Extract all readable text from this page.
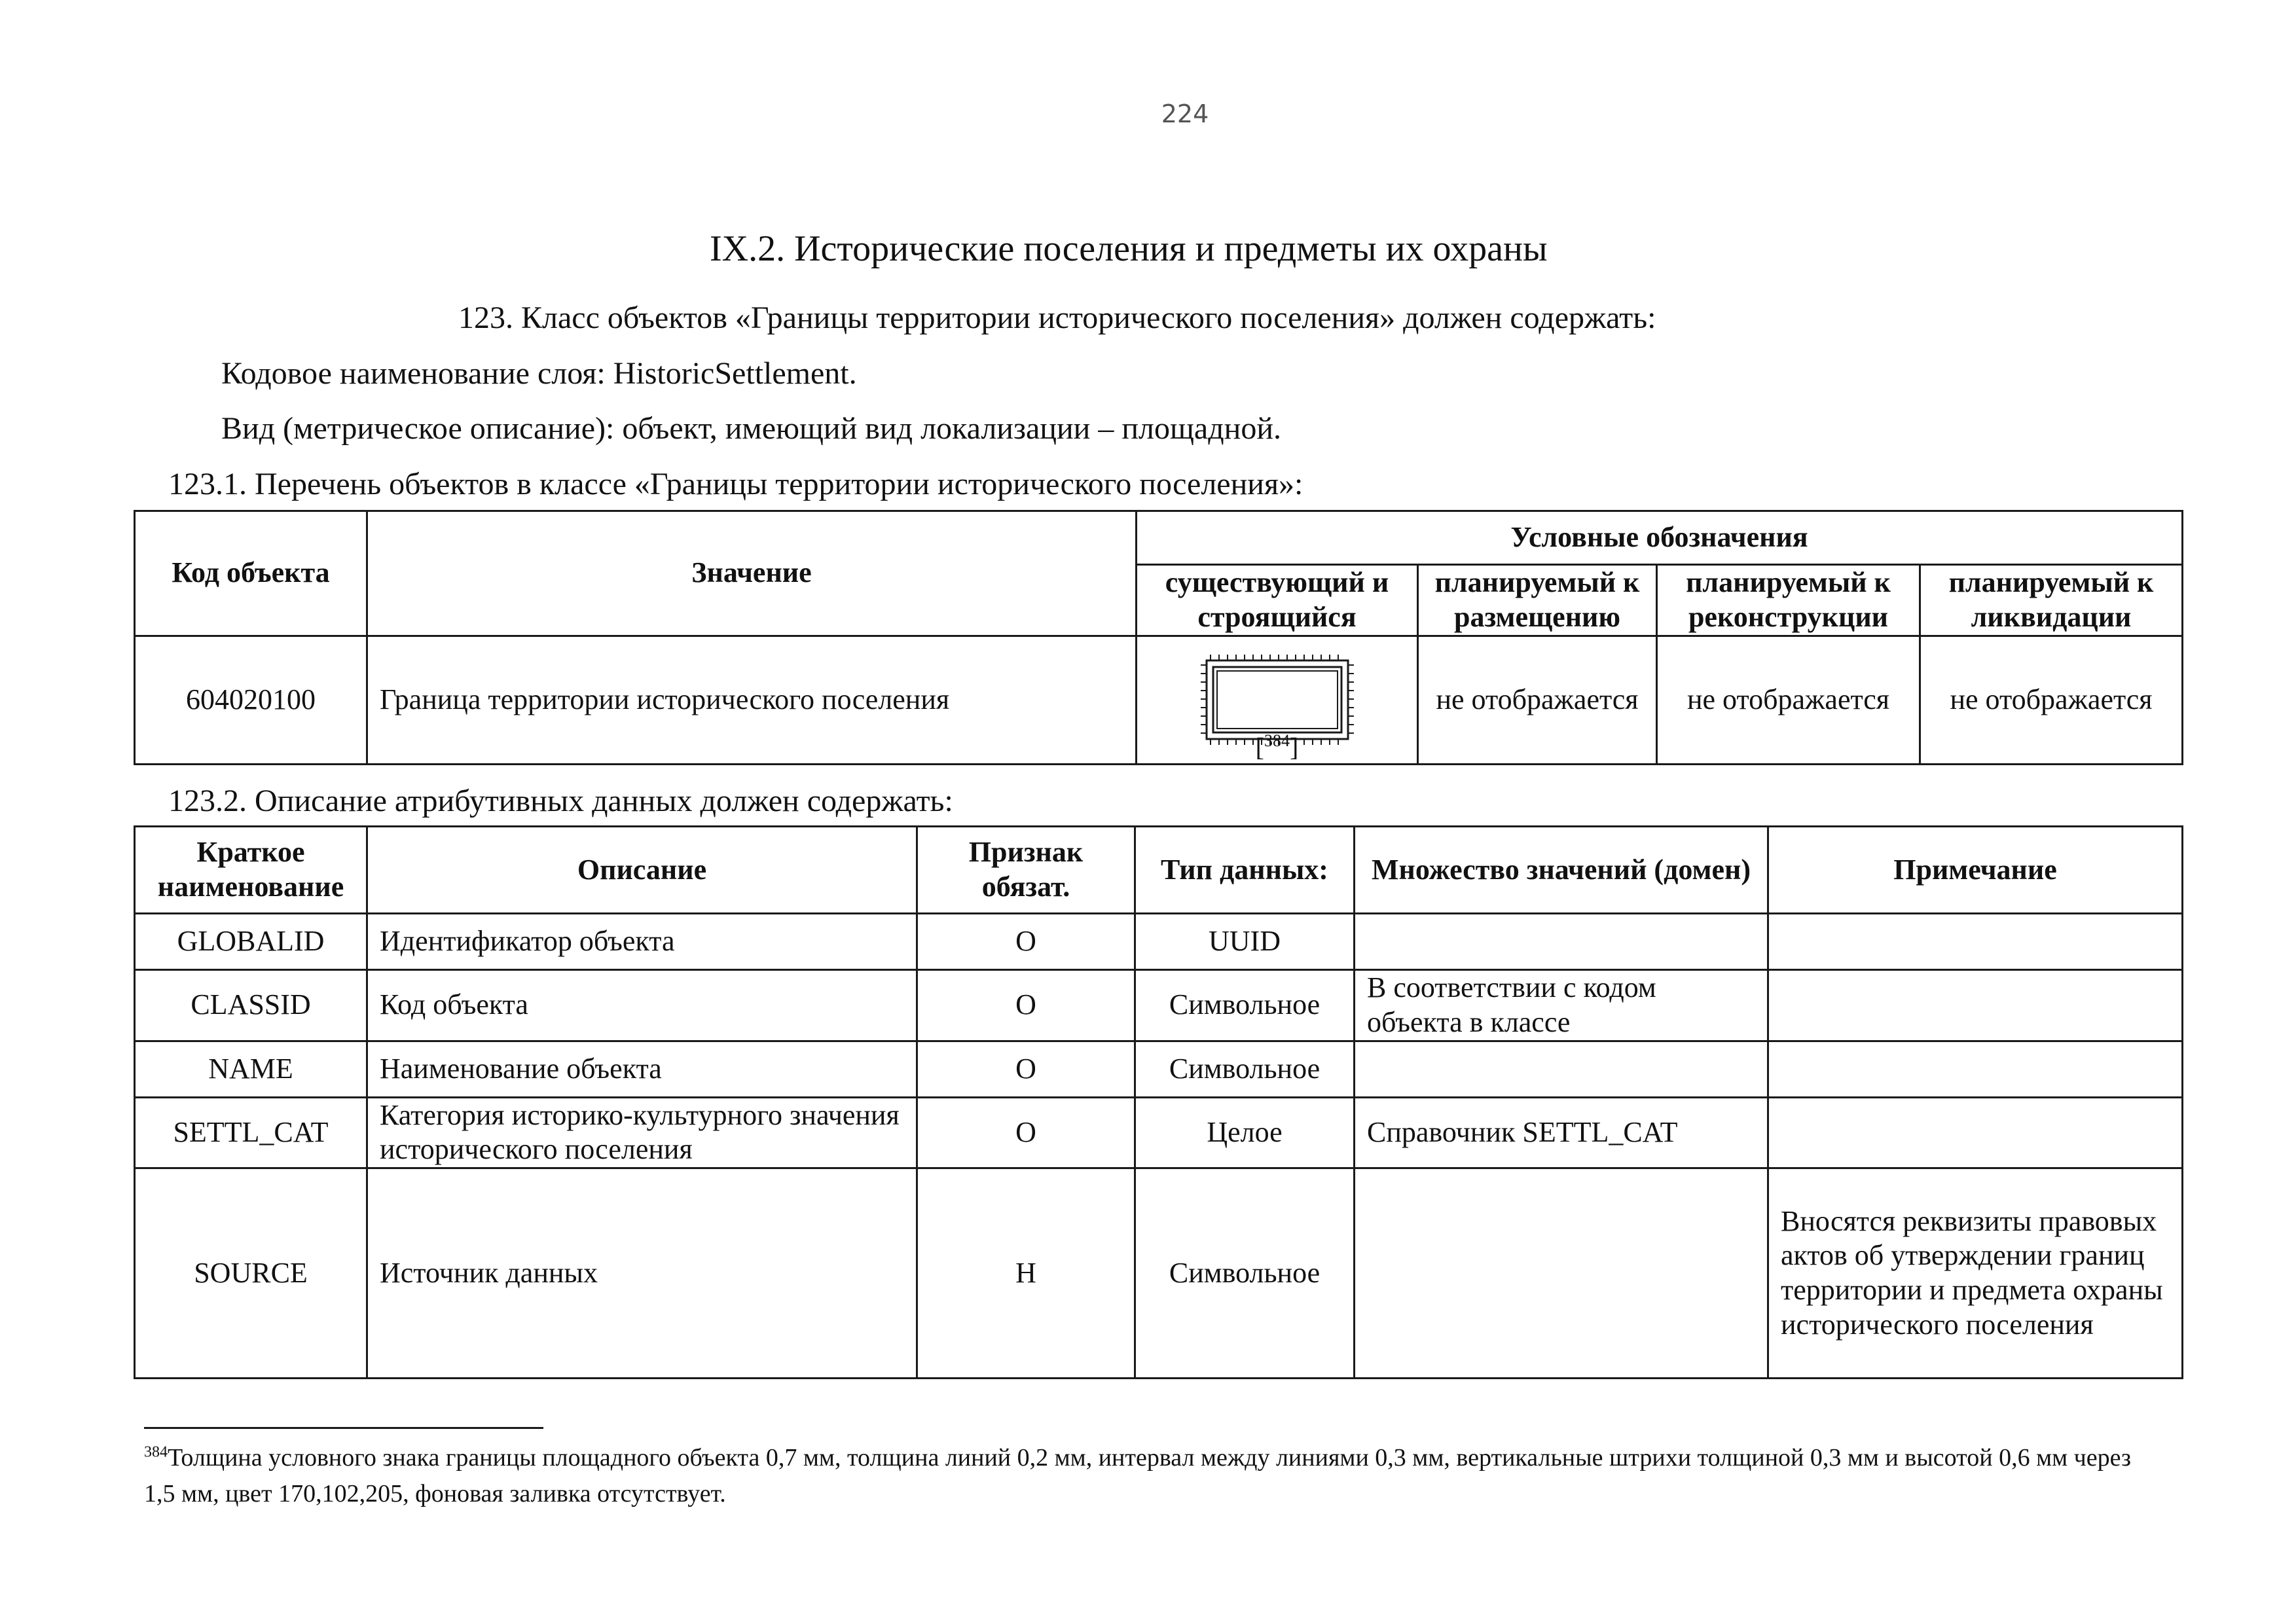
224
IX.2. Исторические поселения и предметы их охраны
123. Класс объектов «Границы территории исторического поселения» должен содержать:
Кодовое наименование слоя: HistoricSettlement.
Вид (метрическое описание): объект, имеющий вид локализации – площадной.
123.1. Перечень объектов в классе «Границы территории исторического поселения»:
Код объекта	Значение	Условные обозначения			
		существующий и строящийся	планируемый к размещению	планируемый к реконструкции	планируемый к ликвидации
604020100	Граница территории исторического поселения	[$^{384}$]	не отображается	не отображается	не отображается
123.2. Описание атрибутивных данных должен содержать:
Краткое наименование	Описание	Признак обязат.	Тип данных:	Множество значений (домен)	Примечание
GLOBALID	Идентификатор объекта	О	UUID		
CLASSID	Код объекта	О	Символьное	В соответствии с кодом объекта в классе	
NAME	Наименование объекта	О	Символьное		
SETTL_CAT	Категория историко-культурного значения исторического поселения	О	Целое	Справочник SETTL_CAT	
SOURCE	Источник данных	Н	Символьное		Вносятся реквизиты правовых актов об утверждении границ территории и предмета охраны исторического поселения
$^{384}$Толщина условного знака границы площадного объекта 0,7 мм, толщина линий 0,2 мм, интервал между линиями 0,3 мм, вертикальные штрихи толщиной 0,3 мм и высотой 0,6 мм через 1,5 мм, цвет 170,102,205, фоновая заливка отсутствует.
